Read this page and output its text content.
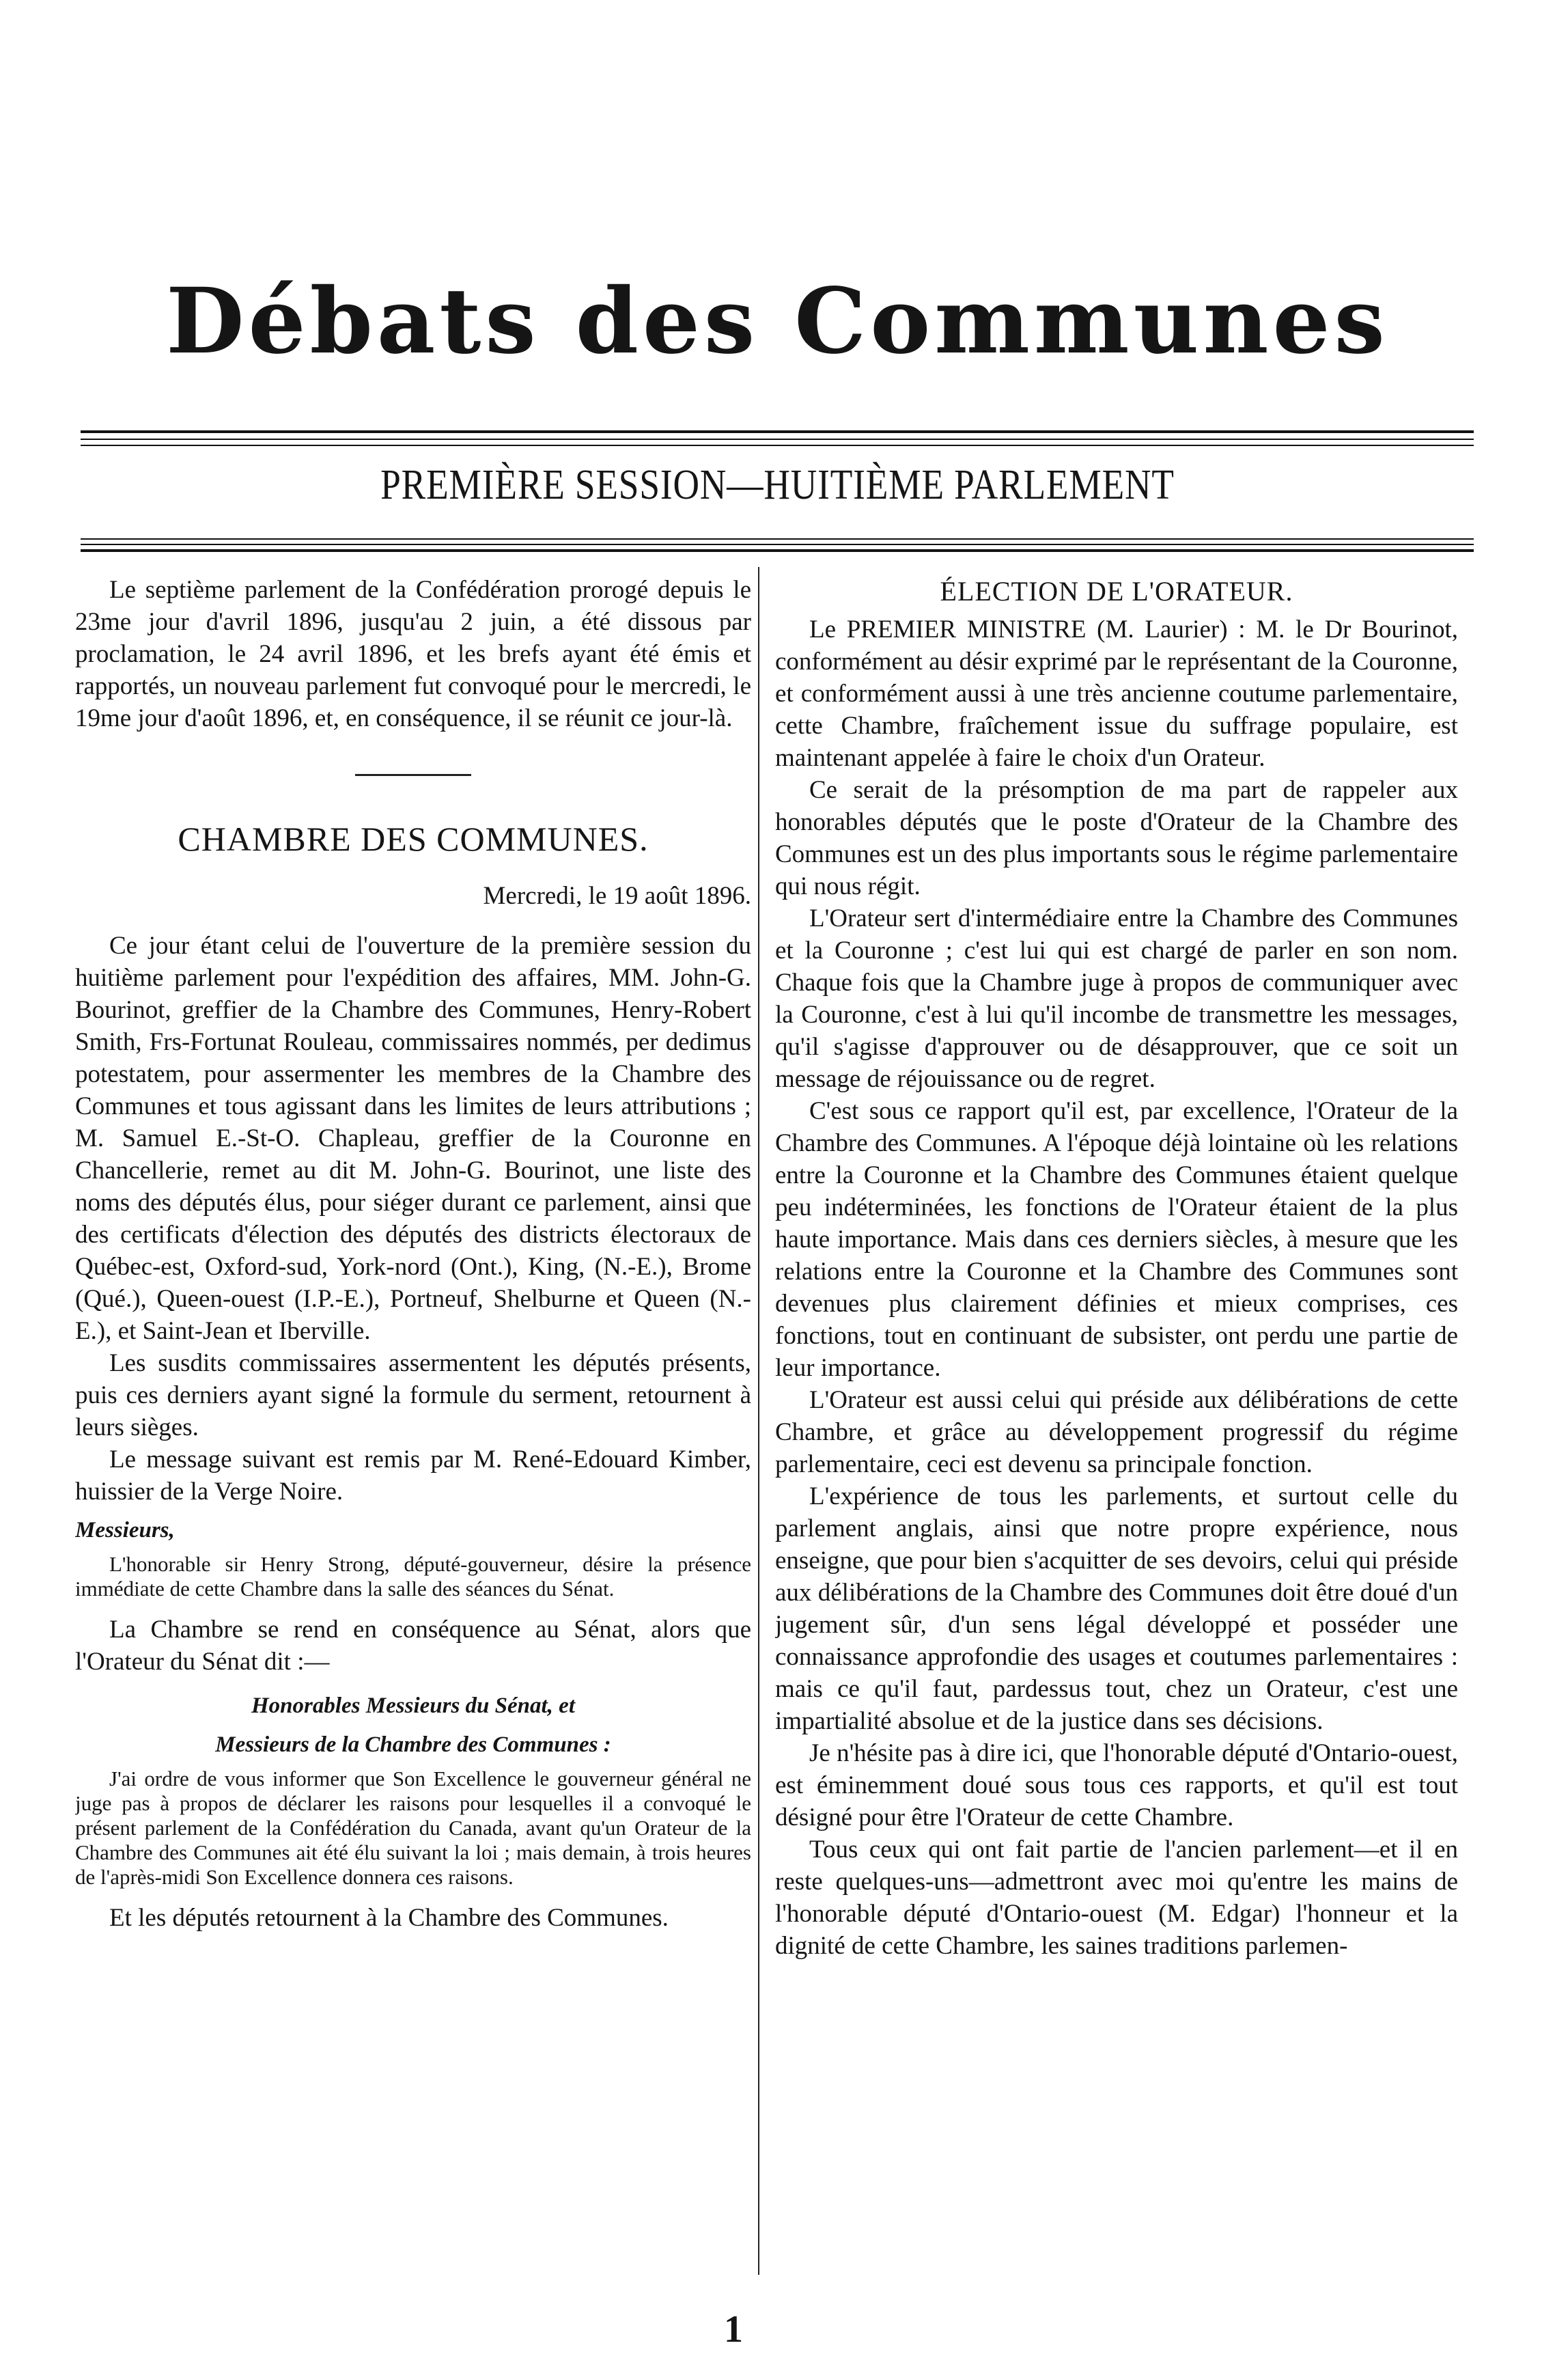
Débats des Communes
PREMIÈRE SESSION—HUITIÈME PARLEMENT

Le septième parlement de la Confédération prorogé depuis le 23me jour d'avril 1896, jusqu'au 2 juin, a été dissous par proclamation, le 24 avril 1896, et les brefs ayant été émis et rapportés, un nouveau parlement fut convoqué pour le mercredi, le 19me jour d'août 1896, et, en conséquence, il se réunit ce jour-là.

CHAMBRE DES COMMUNES.
Mercredi, le 19 août 1896.

Ce jour étant celui de l'ouverture de la première session du huitième parlement pour l'expédition des affaires, MM. John-G. Bourinot, greffier de la Chambre des Communes, Henry-Robert Smith, Frs-Fortunat Rouleau, commissaires nommés, per dedimus potestatem, pour assermenter les membres de la Chambre des Communes et tous agissant dans les limites de leurs attributions ; M. Samuel E.-St-O. Chapleau, greffier de la Couronne en Chancellerie, remet au dit M. John-G. Bourinot, une liste des noms des députés élus, pour siéger durant ce parlement, ainsi que des certificats d'élection des députés des districts électoraux de Québec-est, Oxford-sud, York-nord (Ont.), King, (N.-E.), Brome (Qué.), Queen-ouest (I.P.-E.), Portneuf, Shelburne et Queen (N.-E.), et Saint-Jean et Iberville.

Les susdits commissaires assermentent les députés présents, puis ces derniers ayant signé la formule du serment, retournent à leurs sièges.

Le message suivant est remis par M. René-Edouard Kimber, huissier de la Verge Noire.

Messieurs,

L'honorable sir Henry Strong, député-gouverneur, désire la présence immédiate de cette Chambre dans la salle des séances du Sénat.

La Chambre se rend en conséquence au Sénat, alors que l'Orateur du Sénat dit :—

Honorables Messieurs du Sénat, et
Messieurs de la Chambre des Communes :

J'ai ordre de vous informer que Son Excellence le gouverneur général ne juge pas à propos de déclarer les raisons pour lesquelles il a convoqué le présent parlement de la Confédération du Canada, avant qu'un Orateur de la Chambre des Communes ait été élu suivant la loi ; mais demain, à trois heures de l'après-midi Son Excellence donnera ces raisons.

Et les députés retournent à la Chambre des Communes.

ÉLECTION DE L'ORATEUR.

Le PREMIER MINISTRE (M. Laurier) : M. le Dr Bourinot, conformément au désir exprimé par le représentant de la Couronne, et conformément aussi à une très ancienne coutume parlementaire, cette Chambre, fraîchement issue du suffrage populaire, est maintenant appelée à faire le choix d'un Orateur.

Ce serait de la présomption de ma part de rappeler aux honorables députés que le poste d'Orateur de la Chambre des Communes est un des plus importants sous le régime parlementaire qui nous régit.

L'Orateur sert d'intermédiaire entre la Chambre des Communes et la Couronne ; c'est lui qui est chargé de parler en son nom. Chaque fois que la Chambre juge à propos de communiquer avec la Couronne, c'est à lui qu'il incombe de transmettre les messages, qu'il s'agisse d'approuver ou de désapprouver, que ce soit un message de réjouissance ou de regret.

C'est sous ce rapport qu'il est, par excellence, l'Orateur de la Chambre des Communes. A l'époque déjà lointaine où les relations entre la Couronne et la Chambre des Communes étaient quelque peu indéterminées, les fonctions de l'Orateur étaient de la plus haute importance. Mais dans ces derniers siècles, à mesure que les relations entre la Couronne et la Chambre des Communes sont devenues plus clairement définies et mieux comprises, ces fonctions, tout en continuant de subsister, ont perdu une partie de leur importance.

L'Orateur est aussi celui qui préside aux délibérations de cette Chambre, et grâce au développement progressif du régime parlementaire, ceci est devenu sa principale fonction.

L'expérience de tous les parlements, et surtout celle du parlement anglais, ainsi que notre propre expérience, nous enseigne, que pour bien s'acquitter de ses devoirs, celui qui préside aux délibérations de la Chambre des Communes doit être doué d'un jugement sûr, d'un sens légal développé et posséder une connaissance approfondie des usages et coutumes parlementaires : mais ce qu'il faut, pardessus tout, chez un Orateur, c'est une impartialité absolue et de la justice dans ses décisions.

Je n'hésite pas à dire ici, que l'honorable député d'Ontario-ouest, est éminemment doué sous tous ces rapports, et qu'il est tout désigné pour être l'Orateur de cette Chambre.

Tous ceux qui ont fait partie de l'ancien parlement—et il en reste quelques-uns—admettront avec moi qu'entre les mains de l'honorable député d'Ontario-ouest (M. Edgar) l'honneur et la dignité de cette Chambre, les saines traditions parlemen-

1
